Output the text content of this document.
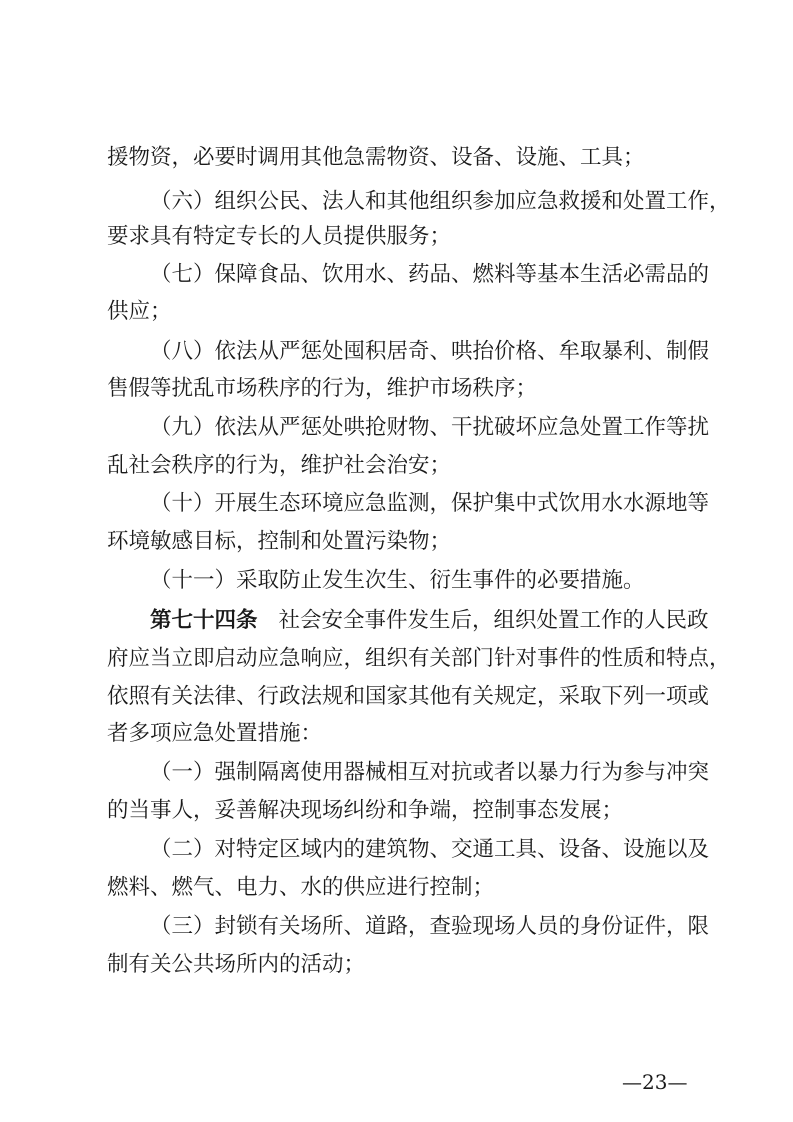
援物资，必要时调用其他急需物资、设备、设施、工具；
（六）组织公民、法人和其他组织参加应急救援和处置工作，
要求具有特定专长的人员提供服务；
（七）保障食品、饮用水、药品、燃料等基本生活必需品的
供应；
（八）依法从严惩处囤积居奇、哄抬价格、牟取暴利、制假
售假等扰乱市场秩序的行为，维护市场秩序；
（九）依法从严惩处哄抢财物、干扰破坏应急处置工作等扰
乱社会秩序的行为，维护社会治安；
（十）开展生态环境应急监测，保护集中式饮用水水源地等
环境敏感目标，控制和处置污染物；
（十一）采取防止发生次生、衍生事件的必要措施。
第七十四条 社会安全事件发生后，组织处置工作的人民政
府应当立即启动应急响应，组织有关部门针对事件的性质和特点，
依照有关法律、行政法规和国家其他有关规定，采取下列一项或
者多项应急处置措施：
（一）强制隔离使用器械相互对抗或者以暴力行为参与冲突
的当事人，妥善解决现场纠纷和争端，控制事态发展；
（二）对特定区域内的建筑物、交通工具、设备、设施以及
燃料、燃气、电力、水的供应进行控制；
（三）封锁有关场所、道路，查验现场人员的身份证件，限
制有关公共场所内的活动；
—23—
